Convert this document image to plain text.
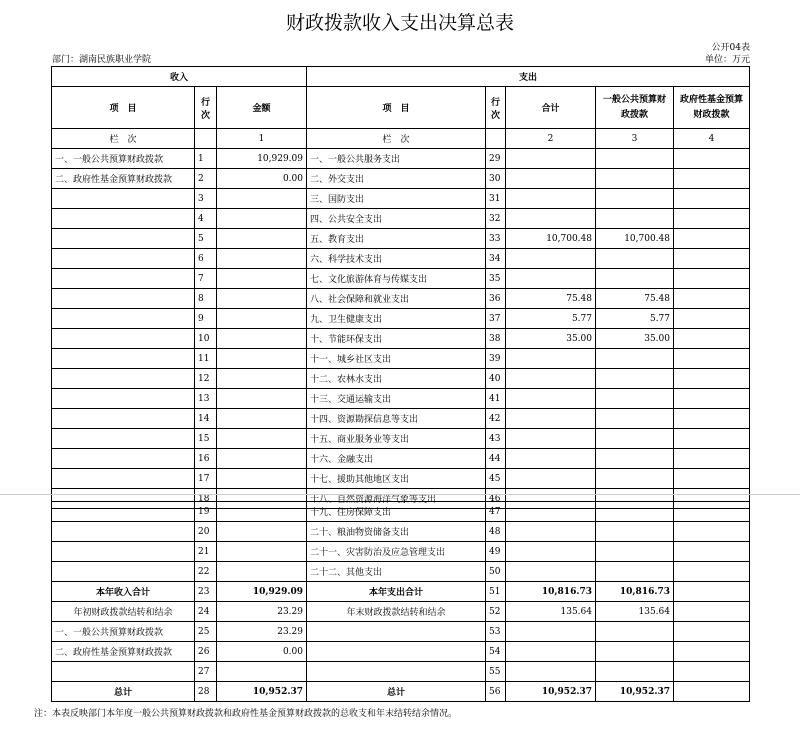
财政拨款收入支出决算总表
部门：湖南民族职业学院
公开04表
单位：万元
收入			支出				
项　目	行次	金额	项　目	行次	合计	一般公共预算财政拨款	政府性基金预算财政拨款
栏　次		1	栏　次		2	3	4
一、一般公共预算财政拨款	1	10,929.09	一、一般公共服务支出	29			
二、政府性基金预算财政拨款	2	0.00	二、外交支出	30			
	3		三、国防支出	31			
	4		四、公共安全支出	32			
	5		五、教育支出	33	10,700.48	10,700.48	
	6		六、科学技术支出	34			
	7		七、文化旅游体育与传媒支出	35			
	8		八、社会保障和就业支出	36	75.48	75.48	
	9		九、卫生健康支出	37	5.77	5.77	
	10		十、节能环保支出	38	35.00	35.00	
	11		十一、城乡社区支出	39			
	12		十二、农林水支出	40			
	13		十三、交通运输支出	41			
	14		十四、资源勘探信息等支出	42			
	15		十五、商业服务业等支出	43			
	16		十六、金融支出	44			
	17		十七、援助其他地区支出	45			
	18		十八、自然资源海洋气象等支出	46			
	19		十九、住房保障支出	47			
	20		二十、粮油物资储备支出	48			
	21		二十一、灾害防治及应急管理支出	49			
	22		二十二、其他支出	50			
本年收入合计	23	10,929.09	本年支出合计	51	10,816.73	10,816.73	
年初财政拨款结转和结余	24	23.29	年末财政拨款结转和结余	52	135.64	135.64	
一、一般公共预算财政拨款	25	23.29		53			
二、政府性基金预算财政拨款	26	0.00		54			
	27			55			
总计	28	10,952.37	总计	56	10,952.37	10,952.37	
注：本表反映部门本年度一般公共预算财政拨款和政府性基金预算财政拨款的总收支和年末结转结余情况。
